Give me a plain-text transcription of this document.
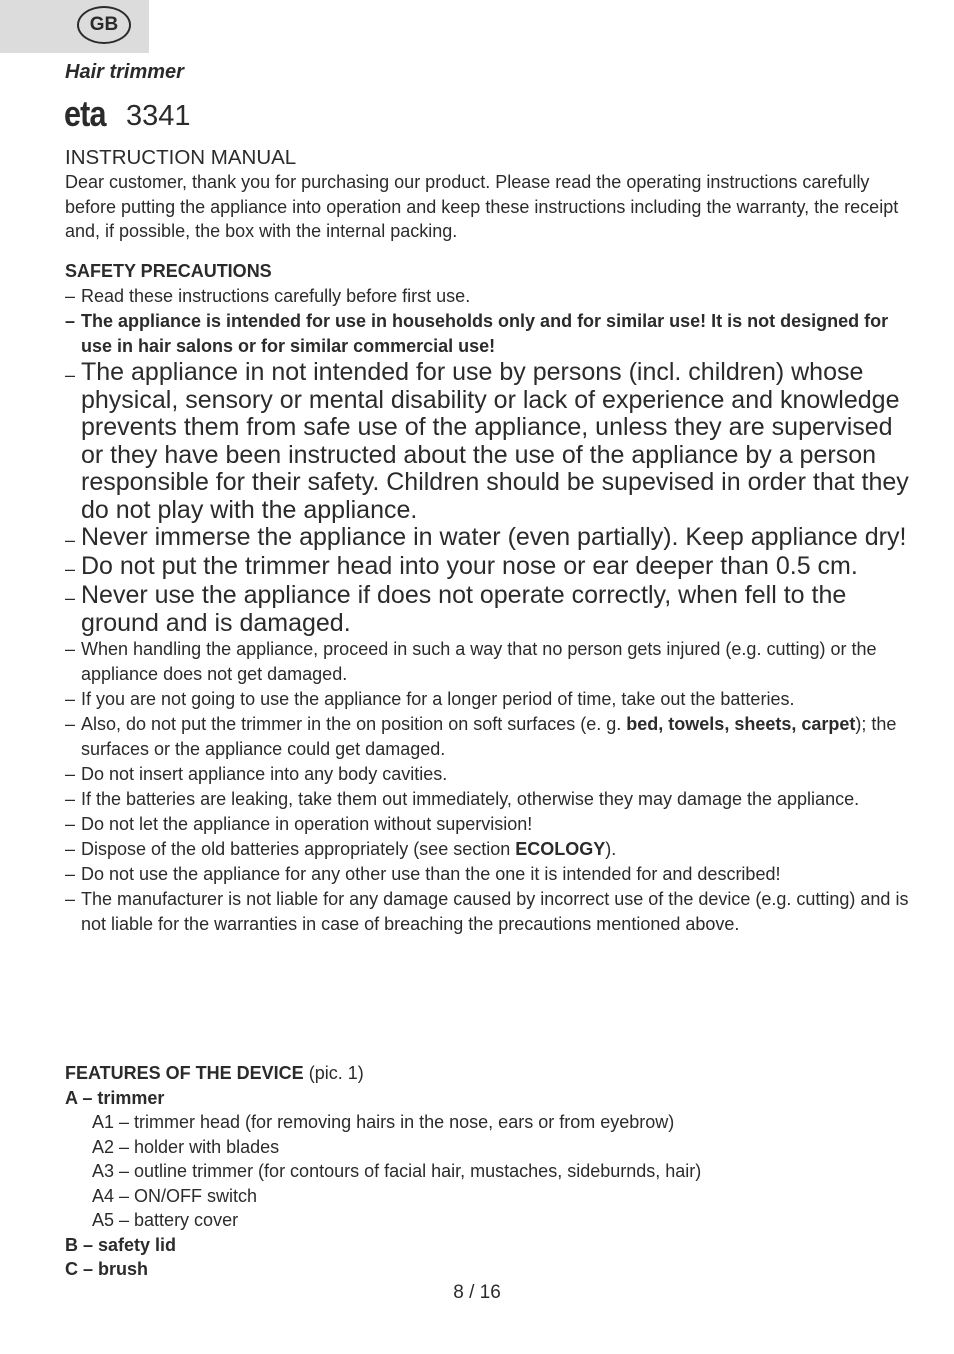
GB
Hair trimmer
eta 3341
INSTRUCTION MANUAL
Dear customer, thank you for purchasing our product. Please read the operating instructions carefully before putting the appliance into operation and keep these instructions including the warranty, the receipt and, if possible, the box with the internal packing.
SAFETY PRECAUTIONS
– Read these instructions carefully before first use.
– The appliance is intended for use in households only and for similar use! It is not designed for use in hair salons or for similar commercial use!
– The appliance in not intended for use by persons (incl. children) whose physical, sensory or mental disability or lack of experience and knowledge prevents them from safe use of the appliance, unless they are supervised or they have been instructed about the use of the appliance by a person responsible for their safety. Children should be supevised in order that they do not play with the appliance.
– Never immerse the appliance in water (even partially). Keep appliance dry!
– Do not put the trimmer head into your nose or ear deeper than 0.5 cm.
– Never use the appliance if does not operate correctly, when fell to the ground and is damaged.
– When handling the appliance, proceed in such a way that no person gets injured (e.g. cutting) or the appliance does not get damaged.
– If you are not going to use the appliance for a longer period of time, take out the batteries.
– Also, do not put the trimmer in the on position on soft surfaces (e. g. bed, towels, sheets, carpet); the surfaces or the appliance could get damaged.
– Do not insert appliance into any body cavities.
– If the batteries are leaking, take them out immediately, otherwise they may damage the appliance.
– Do not let the appliance in operation without supervision!
– Dispose of the old batteries appropriately (see section ECOLOGY).
– Do not use the appliance for any other use than the one it is intended for and described!
– The manufacturer is not liable for any damage caused by incorrect use of the device (e.g. cutting) and is not liable for the warranties in case of breaching the precautions mentioned above.
FEATURES OF THE DEVICE (pic. 1)
A – trimmer
A1 – trimmer head (for removing hairs in the nose, ears or from eyebrow)
A2 – holder with blades
A3 – outline trimmer (for contours of facial hair, mustaches, sideburnds, hair)
A4 – ON/OFF switch
A5 – battery cover
B – safety lid
C – brush
8 / 16
